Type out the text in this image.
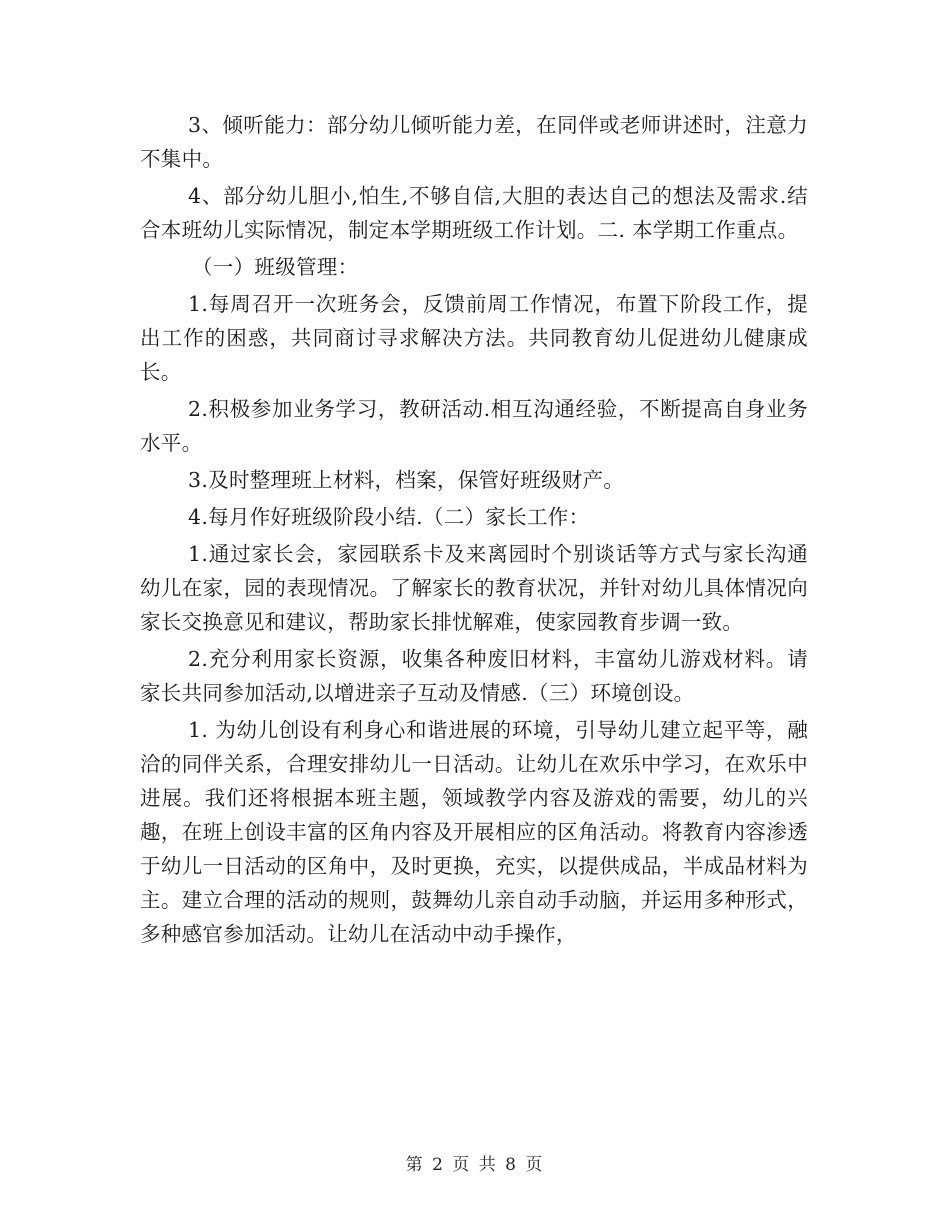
3、倾听能力：部分幼儿倾听能力差，在同伴或老师讲述时，注意力不集中。

4、部分幼儿胆小,怕生,不够自信,大胆的表达自己的想法及需求.结合本班幼儿实际情况，制定本学期班级工作计划。二. 本学期工作重点。

（一）班级管理：

1.每周召开一次班务会，反馈前周工作情况，布置下阶段工作，提出工作的困惑，共同商讨寻求解决方法。共同教育幼儿促进幼儿健康成长。

2.积极参加业务学习，教研活动.相互沟通经验，不断提高自身业务水平。

3.及时整理班上材料，档案，保管好班级财产。

4.每月作好班级阶段小结.（二）家长工作：

1.通过家长会，家园联系卡及来离园时个别谈话等方式与家长沟通幼儿在家，园的表现情况。了解家长的教育状况，并针对幼儿具体情况向家长交换意见和建议，帮助家长排忧解难，使家园教育步调一致。

2.充分利用家长资源，收集各种废旧材料，丰富幼儿游戏材料。请家长共同参加活动,以增进亲子互动及情感.（三）环境创设。

1. 为幼儿创设有利身心和谐进展的环境，引导幼儿建立起平等，融洽的同伴关系，合理安排幼儿一日活动。让幼儿在欢乐中学习，在欢乐中进展。我们还将根据本班主题，领域教学内容及游戏的需要，幼儿的兴趣，在班上创设丰富的区角内容及开展相应的区角活动。将教育内容渗透于幼儿一日活动的区角中，及时更换，充实，以提供成品，半成品材料为主。建立合理的活动的规则，鼓舞幼儿亲自动手动脑，并运用多种形式，多种感官参加活动。让幼儿在活动中动手操作，

第 2 页 共 8 页
